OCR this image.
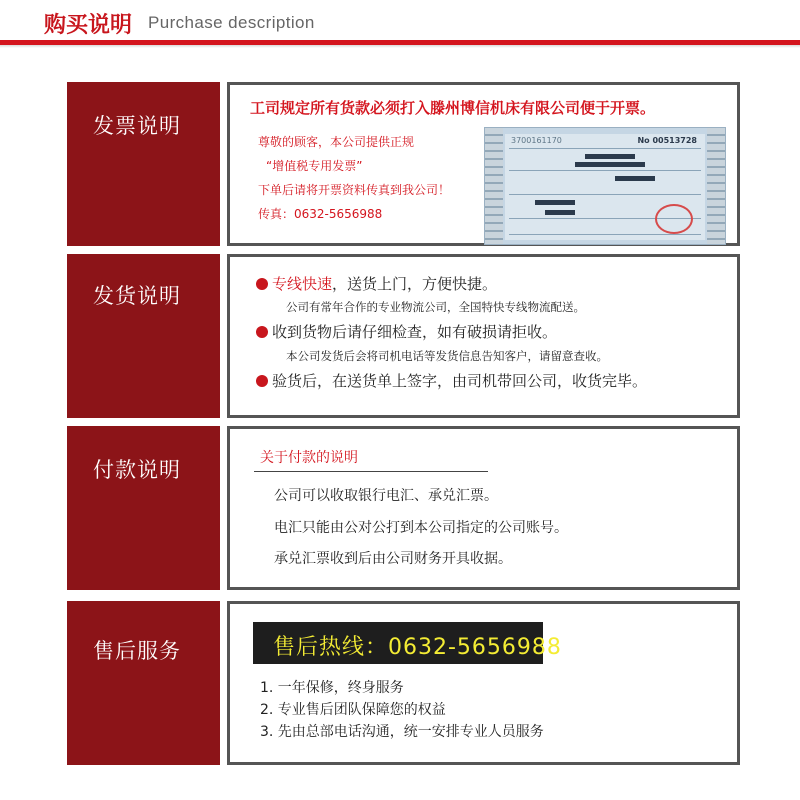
购买说明 Purchase description
发票说明
工司规定所有货款必须打入滕州博信机床有限公司便于开票。
尊敬的顾客，本公司提供正规
“增值税专用发票”
下单后请将开票资料传真到我公司！
传真：0632-5656988
3700161170	No 00513728
发货说明	专线快速，送货上门，方便快捷。
公司有常年合作的专业物流公司，全国特快专线物流配送。
收到货物后请仔细检查，如有破损请拒收。
本公司发货后会将司机电话等发货信息告知客户，请留意查收。
验货后，在送货单上签字，由司机带回公司，收货完毕。
付款说明	关于付款的说明
公司可以收取银行电汇、承兑汇票。
电汇只能由公对公打到本公司指定的公司账号。
承兑汇票收到后由公司财务开具收据。
售后服务	售后热线：0632-5656988
1. 一年保修，终身服务
2. 专业售后团队保障您的权益
3. 先由总部电话沟通，统一安排专业人员服务
